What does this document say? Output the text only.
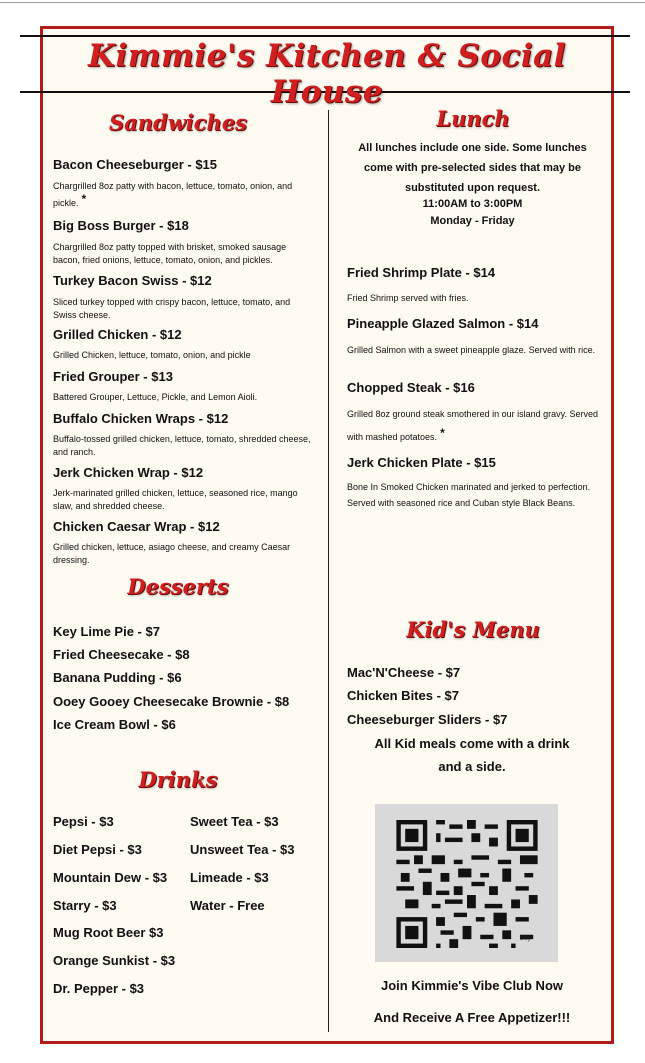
Kimmie's Kitchen & Social House
Sandwiches
Bacon Cheeseburger - $15
Chargrilled 8oz patty with bacon, lettuce, tomato, onion, and pickle. *
Big Boss Burger - $18
Chargrilled 8oz patty topped with brisket, smoked sausage bacon, fried onions, lettuce, tomato, onion, and pickles.
Turkey Bacon Swiss - $12
Sliced turkey topped with crispy bacon, lettuce, tomato, and Swiss cheese.
Grilled Chicken - $12
Grilled Chicken, lettuce, tomato, onion, and pickle
Fried Grouper - $13
Battered Grouper, Lettuce, Pickle, and Lemon Aioli.
Buffalo Chicken Wraps - $12
Buffalo-tossed grilled chicken, lettuce, tomato, shredded cheese, and ranch.
Jerk Chicken Wrap - $12
Jerk-marinated grilled chicken, lettuce, seasoned rice, mango slaw, and shredded cheese.
Chicken Caesar Wrap - $12
Grilled chicken, lettuce, asiago cheese, and creamy Caesar dressing.
Desserts
Key Lime Pie - $7
Fried Cheesecake - $8
Banana Pudding - $6
Ooey Gooey Cheesecake Brownie - $8
Ice Cream Bowl - $6
Drinks
Pepsi - $3
Diet Pepsi - $3
Mountain Dew - $3
Starry - $3
Mug Root Beer $3
Orange Sunkist - $3
Dr. Pepper - $3
Sweet Tea - $3
Unsweet Tea - $3
Limeade - $3
Water - Free
Lunch
All lunches include one side. Some lunches
come with pre-selected sides that may be
substituted upon request.
11:00AM to 3:00PM
Monday - Friday
Fried Shrimp Plate - $14
Fried Shrimp served with fries.
Pineapple Glazed Salmon - $14
Grilled Salmon with a sweet pineapple glaze. Served with rice.
Chopped Steak - $16
Grilled 8oz ground steak smothered in our island gravy. Served with mashed potatoes. *
Jerk Chicken Plate - $15
Bone In Smoked Chicken marinated and jerked to perfection. Served with seasoned rice and Cuban style Black Beans.
Kid's Menu
Mac'N'Cheese - $7
Chicken Bites - $7
Cheeseburger Sliders - $7
All Kid meals come with a drink
and a side.
bitly
Join Kimmie's Vibe Club Now
And Receive A Free Appetizer!!!
